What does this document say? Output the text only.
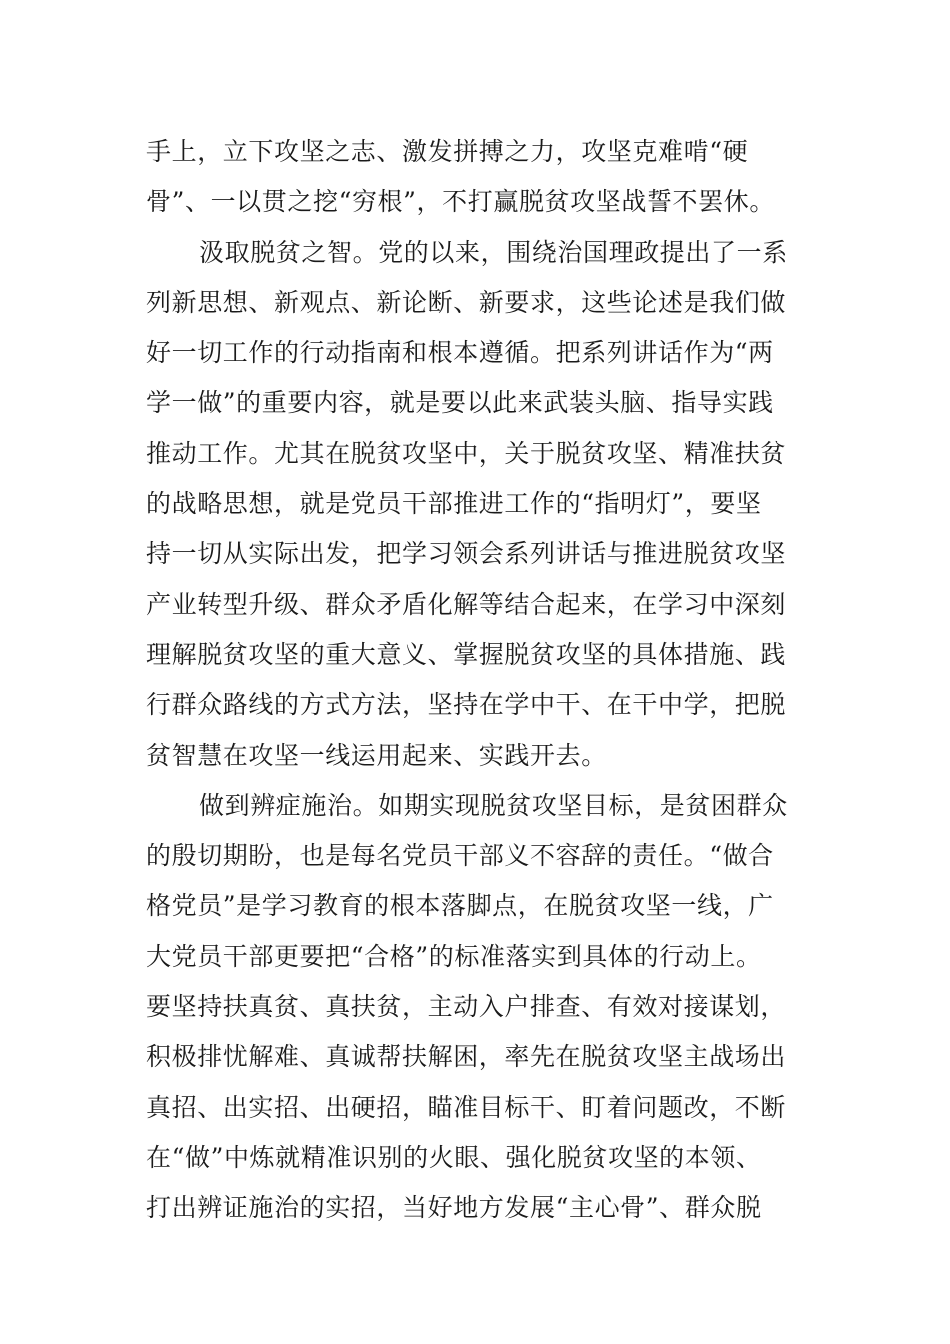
手上，立下攻坚之志、激发拼搏之力，攻坚克难啃“硬
骨”、一以贯之挖“穷根”，不打赢脱贫攻坚战誓不罢休。
汲取脱贫之智。党的以来，围绕治国理政提出了一系
列新思想、新观点、新论断、新要求，这些论述是我们做
好一切工作的行动指南和根本遵循。把系列讲话作为“两
学一做”的重要内容，就是要以此来武装头脑、指导实践
推动工作。尤其在脱贫攻坚中，关于脱贫攻坚、精准扶贫
的战略思想，就是党员干部推进工作的“指明灯”，要坚
持一切从实际出发，把学习领会系列讲话与推进脱贫攻坚
产业转型升级、群众矛盾化解等结合起来，在学习中深刻
理解脱贫攻坚的重大意义、掌握脱贫攻坚的具体措施、践
行群众路线的方式方法，坚持在学中干、在干中学，把脱
贫智慧在攻坚一线运用起来、实践开去。
做到辨症施治。如期实现脱贫攻坚目标，是贫困群众
的殷切期盼，也是每名党员干部义不容辞的责任。“做合
格党员”是学习教育的根本落脚点，在脱贫攻坚一线，广
大党员干部更要把“合格”的标准落实到具体的行动上。
要坚持扶真贫、真扶贫，主动入户排查、有效对接谋划，
积极排忧解难、真诚帮扶解困，率先在脱贫攻坚主战场出
真招、出实招、出硬招，瞄准目标干、盯着问题改，不断
在“做”中炼就精准识别的火眼、强化脱贫攻坚的本领、
打出辨证施治的实招，当好地方发展“主心骨”、群众脱
